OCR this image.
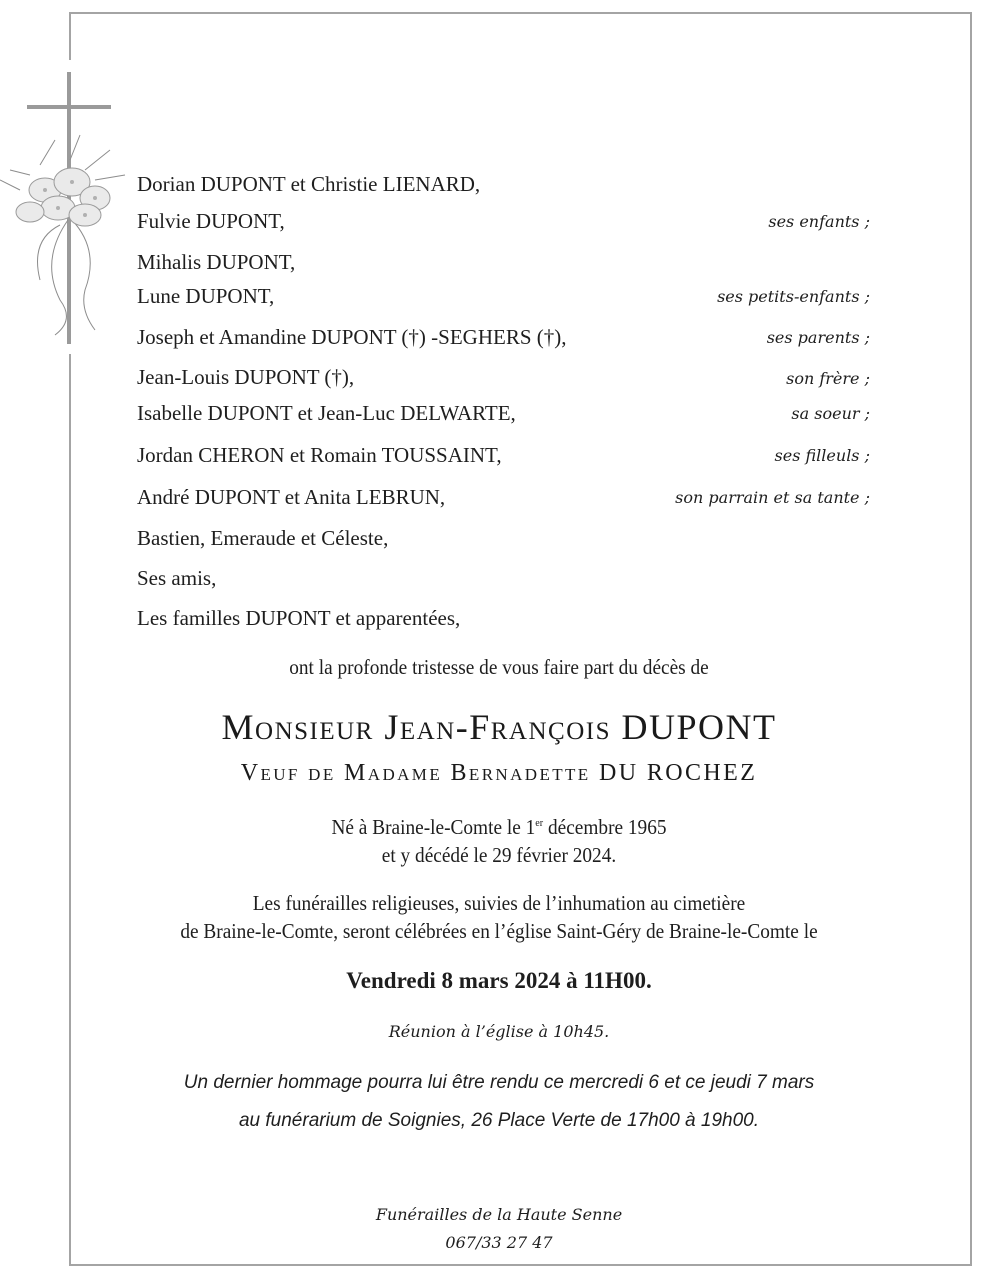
Dorian DUPONT et Christie LIENARD,
Fulvie DUPONT,	ses enfants ;
Mihalis DUPONT,
Lune DUPONT,	ses petits-enfants ;
Joseph et Amandine DUPONT (†) -SEGHERS (†),	ses parents ;
Jean-Louis DUPONT (†),	son frère ;
Isabelle DUPONT et Jean-Luc DELWARTE,	sa soeur ;
Jordan CHERON et Romain TOUSSAINT,	ses filleuls ;
André DUPONT et Anita LEBRUN,	son parrain et sa tante ;
Bastien, Emeraude et Céleste,
Ses amis,
Les familles DUPONT et apparentées,
ont la profonde tristesse de vous faire part du décès de
Monsieur Jean-François DUPONT
Veuf de Madame Bernadette DU ROCHEZ
Né à Braine-le-Comte le 1er décembre 1965
et y décédé le 29 février 2024.
Les funérailles religieuses, suivies de l’inhumation au cimetière
de Braine-le-Comte, seront célébrées en l’église Saint-Géry de Braine-le-Comte le
Vendredi 8 mars 2024 à 11H00.
Réunion à l’église à 10h45.
Un dernier hommage pourra lui être rendu ce mercredi 6 et ce jeudi 7 mars
au funérarium de Soignies, 26 Place Verte de 17h00 à 19h00.
Funérailles de la Haute Senne
067/33 27 47
